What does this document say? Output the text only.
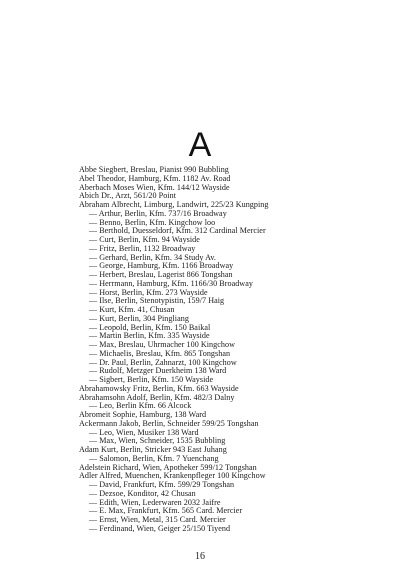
A
Abbe Siegbert, Breslau, Pianist 990 Bubbling
Abel Theodor, Hamburg, Kfm. 1182 Av. Road
Aberbach Moses Wien, Kfm. 144/12 Wayside
Abich Dr., Arzt, 561/20 Point
Abraham Albrecht, Limburg, Landwirt, 225/23 Kungping
— Arthur, Berlin, Kfm. 737/16 Broadway
— Benno, Berlin, Kfm. Kingchow loo
— Berthold, Duesseldorf, Kfm. 312 Cardinal Mercier
— Curt, Berlin, Kfm. 94 Wayside
— Fritz, Berlin, 1132 Broadway
— Gerhard, Berlin, Kfm. 34 Study Av.
— George, Hamburg, Kfm. 1166 Broadway
— Herbert, Breslau, Lagerist 866 Tongshan
— Herrmann, Hamburg, Kfm. 1166/30 Broadway
— Horst, Berlin, Kfm. 273 Wayside
— Ilse, Berlin, Stenotypistin, 159/7 Haig
— Kurt, Kfm. 41, Chusan
— Kurt, Berlin, 304 Pingliang
— Leopold, Berlin, Kfm. 150 Baikal
— Martin Berlin, Kfm. 335 Wayside
— Max, Breslau, Uhrmacher 100 Kingchow
— Michaelis, Breslau, Kfm. 865 Tongshan
— Dr. Paul, Berlin, Zahnarzt, 100 Kingchow
— Rudolf, Metzger Duerkheim 138 Ward
— Sigbert, Berlin, Kfm. 150 Wayside
Abrahamowsky Fritz, Berlin, Kfm. 663 Wayside
Abrahamsohn Adolf, Berlin, Kfm. 482/3 Dalny
— Leo, Berlin Kfm. 66 Alcock
Abromeit Sophie, Hamburg, 138 Ward
Ackermann Jakob, Berlin, Schneider 599/25 Tongshan
— Leo, Wien, Musiker 138 Ward
— Max, Wien, Schneider, 1535 Bubbling
Adam Kurt, Berlin, Stricker 943 East Juhang
— Salomon, Berlin, Kfm. 7 Yuenchang
Adelstein Richard, Wien, Apotheker 599/12 Tongshan
Adler Alfred, Muenchen, Krankenpfleger 100 Kingchow
— David, Frankfurt, Kfm. 599/29 Tongshan
— Dezsoe, Konditor, 42 Chusan
— Edith, Wien, Lederwaren 2032 Jaifre
— E. Max, Frankfurt, Kfm. 565 Card. Mercier
— Ernst, Wien, Metal, 315 Card. Mercier
— Ferdinand, Wien, Geiger 25/150 Tiyend
16
